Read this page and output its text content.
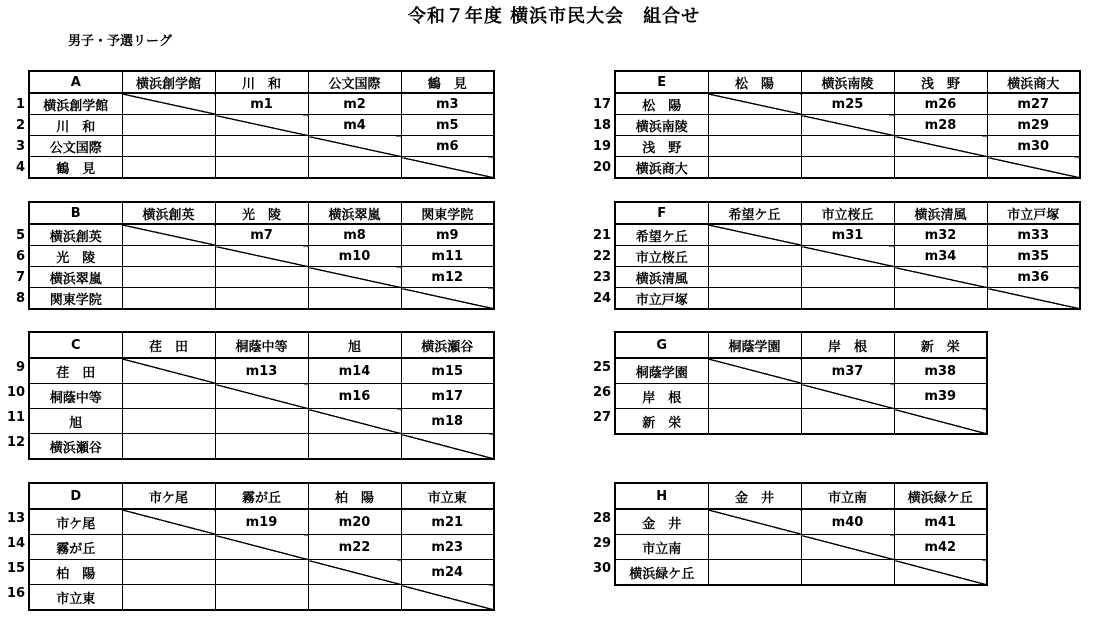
令和７年度 横浜市民大会　組合せ
男子・予選リーグ
1
2
3
4
A	横浜創学館	川　和	公文国際	鶴　見
横浜創学館		m1	m2	m3
川　和			m4	m5
公文国際				m6
鶴　見				
5
6
7
8
B	横浜創英	光　陵	横浜翠嵐	関東学院
横浜創英		m7	m8	m9
光　陵			m10	m11
横浜翠嵐				m12
関東学院				
9
10
11
12
C	荏　田	桐蔭中等	旭	横浜瀬谷
荏　田		m13	m14	m15
桐蔭中等			m16	m17
旭				m18
横浜瀬谷				
13
14
15
16
D	市ケ尾	霧が丘	柏　陽	市立東
市ケ尾		m19	m20	m21
霧が丘			m22	m23
柏　陽				m24
市立東				
17
18
19
20
E	松　陽	横浜南陵	浅　野	横浜商大
松　陽		m25	m26	m27
横浜南陵			m28	m29
浅　野				m30
横浜商大				
21
22
23
24
F	希望ケ丘	市立桜丘	横浜清風	市立戸塚
希望ケ丘		m31	m32	m33
市立桜丘			m34	m35
横浜清風				m36
市立戸塚				
25
26
27
G	桐蔭学園	岸　根	新　栄
桐蔭学園		m37	m38
岸　根			m39
新　栄			
28
29
30
H	金　井	市立南	横浜緑ケ丘
金　井		m40	m41
市立南			m42
横浜緑ケ丘			
